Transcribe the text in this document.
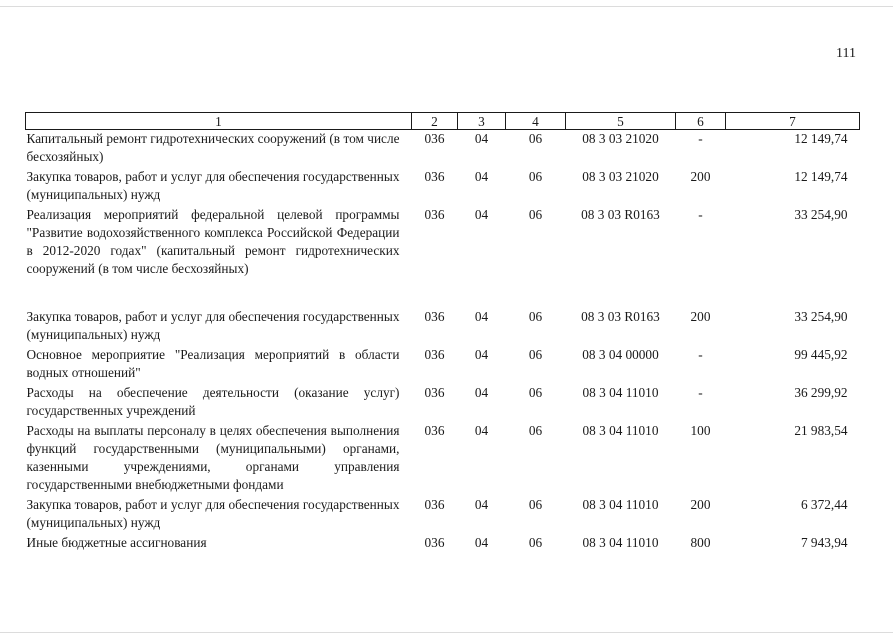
111
1	2	3	4	5	6	7
Капитальный ремонт гидротехнических сооружений (в том числе бесхозяйных)	036	04	06	08 3 03 21020	-	12 149,74
Закупка товаров, работ и услуг для обеспечения государственных (муниципальных) нужд	036	04	06	08 3 03 21020	200	12 149,74
Реализация мероприятий федеральной целевой программы "Развитие водохозяйственного комплекса Российской Федерации в 2012-2020 годах" (капитальный ремонт гидротехнических сооружений (в том числе бесхозяйных)	036	04	06	08 3 03 R0163	-	33 254,90

Закупка товаров, работ и услуг для обеспечения государственных (муниципальных) нужд	036	04	06	08 3 03 R0163	200	33 254,90
Основное мероприятие "Реализация мероприятий в области водных отношений"	036	04	06	08 3 04 00000	-	99 445,92
Расходы на обеспечение деятельности (оказание услуг) государственных учреждений	036	04	06	08 3 04 11010	-	36 299,92
Расходы на выплаты персоналу в целях обеспечения выполнения функций государственными (муниципальными) органами, казенными учреждениями, органами управления государственными внебюджетными фондами	036	04	06	08 3 04 11010	100	21 983,54
Закупка товаров, работ и услуг для обеспечения государственных (муниципальных) нужд	036	04	06	08 3 04 11010	200	6 372,44
Иные бюджетные ассигнования	036	04	06	08 3 04 11010	800	7 943,94
